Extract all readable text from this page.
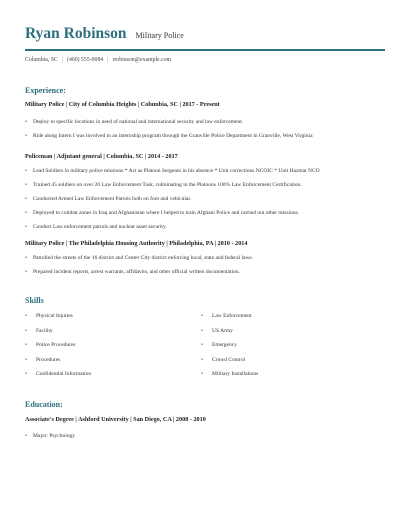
Ryan Robinson Military Police
Columbia, SC | (460) 555-0084 | rrobinson@example.com
Experience:
Military Police | City of Columbia Heights | Columbia, SC | 2017 - Present
• Deploy to specific locations in need of national and international security and law enforcement.
• Ride along Intern I was involved in an internship program through the Granville Police Department in Granville, West Virginia
Policeman | Adjutant general | Columbia, SC | 2014 - 2017
• Lead Soldiers in military police missions * Act as Platoon Sergeant in his absence * Unit corrections NCOIC * Unit Hazmat NCO
• Trained 45 soldiers on over 20 Law Enforcement Task; culminating in the Platoons 100% Law Enforcement Certification.
• Conducted Armed Law Enforcement Patrols both on foot and vehicular.
• Deployed to combat zones in Iraq and Afghanistan where I helped to train Afghani Police and carried out other missions.
• Conduct Law enforcement patrols and nuclear asset security.
Military Police | The Philadelphia Housing Authority | Philadelphia, PA | 2010 - 2014
• Patrolled the streets of the 16 district and Center City district enforcing local, state and federal laws.
• Prepared incident reports, arrest warrants, affidavits, and other official written documentation.
Skills
• Physical Injuries
• Facility
• Police Procedures
• Procedures
• Confidential Information
• Law Enforcement
• US Army
• Emergency
• Crowd Control
• Military Installations
Education:
Associate's Degree | Ashford University | San Diego, CA | 2008 - 2010
• Major: Psychology
